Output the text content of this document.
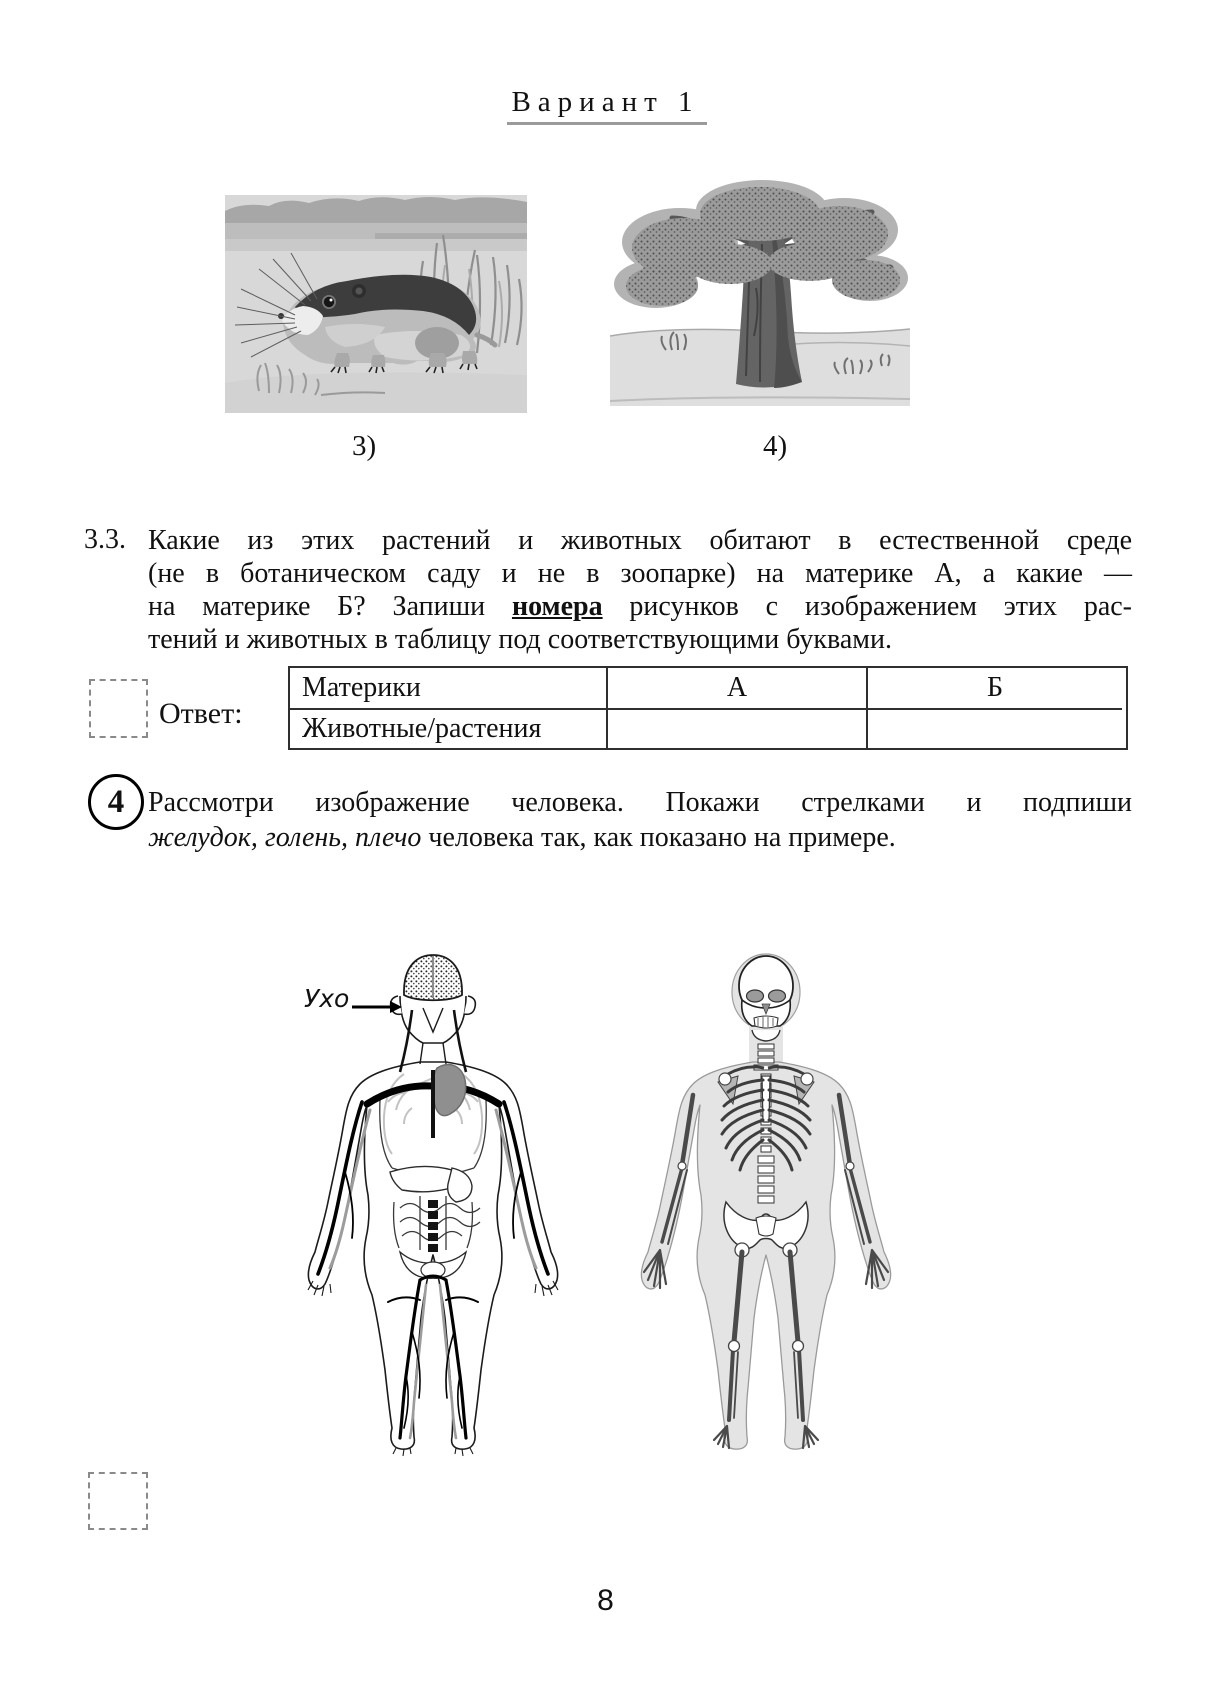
Вариант 1
3)	4)
3.3. Какие из этих растений и животных обитают в естественной среде
(не в ботаническом саду и не в зоопарке) на материке А, а какие —
на материке Б? Запиши номера рисунков с изображением этих рас-
тений и животных в таблицу под соответствующими буквами.
Ответ:
Материки	А	Б
Животные/растения
4 Рассмотри изображение человека. Покажи стрелками и подпиши
желудок, голень, плечо человека так, как показано на примере.
Ухо
8
